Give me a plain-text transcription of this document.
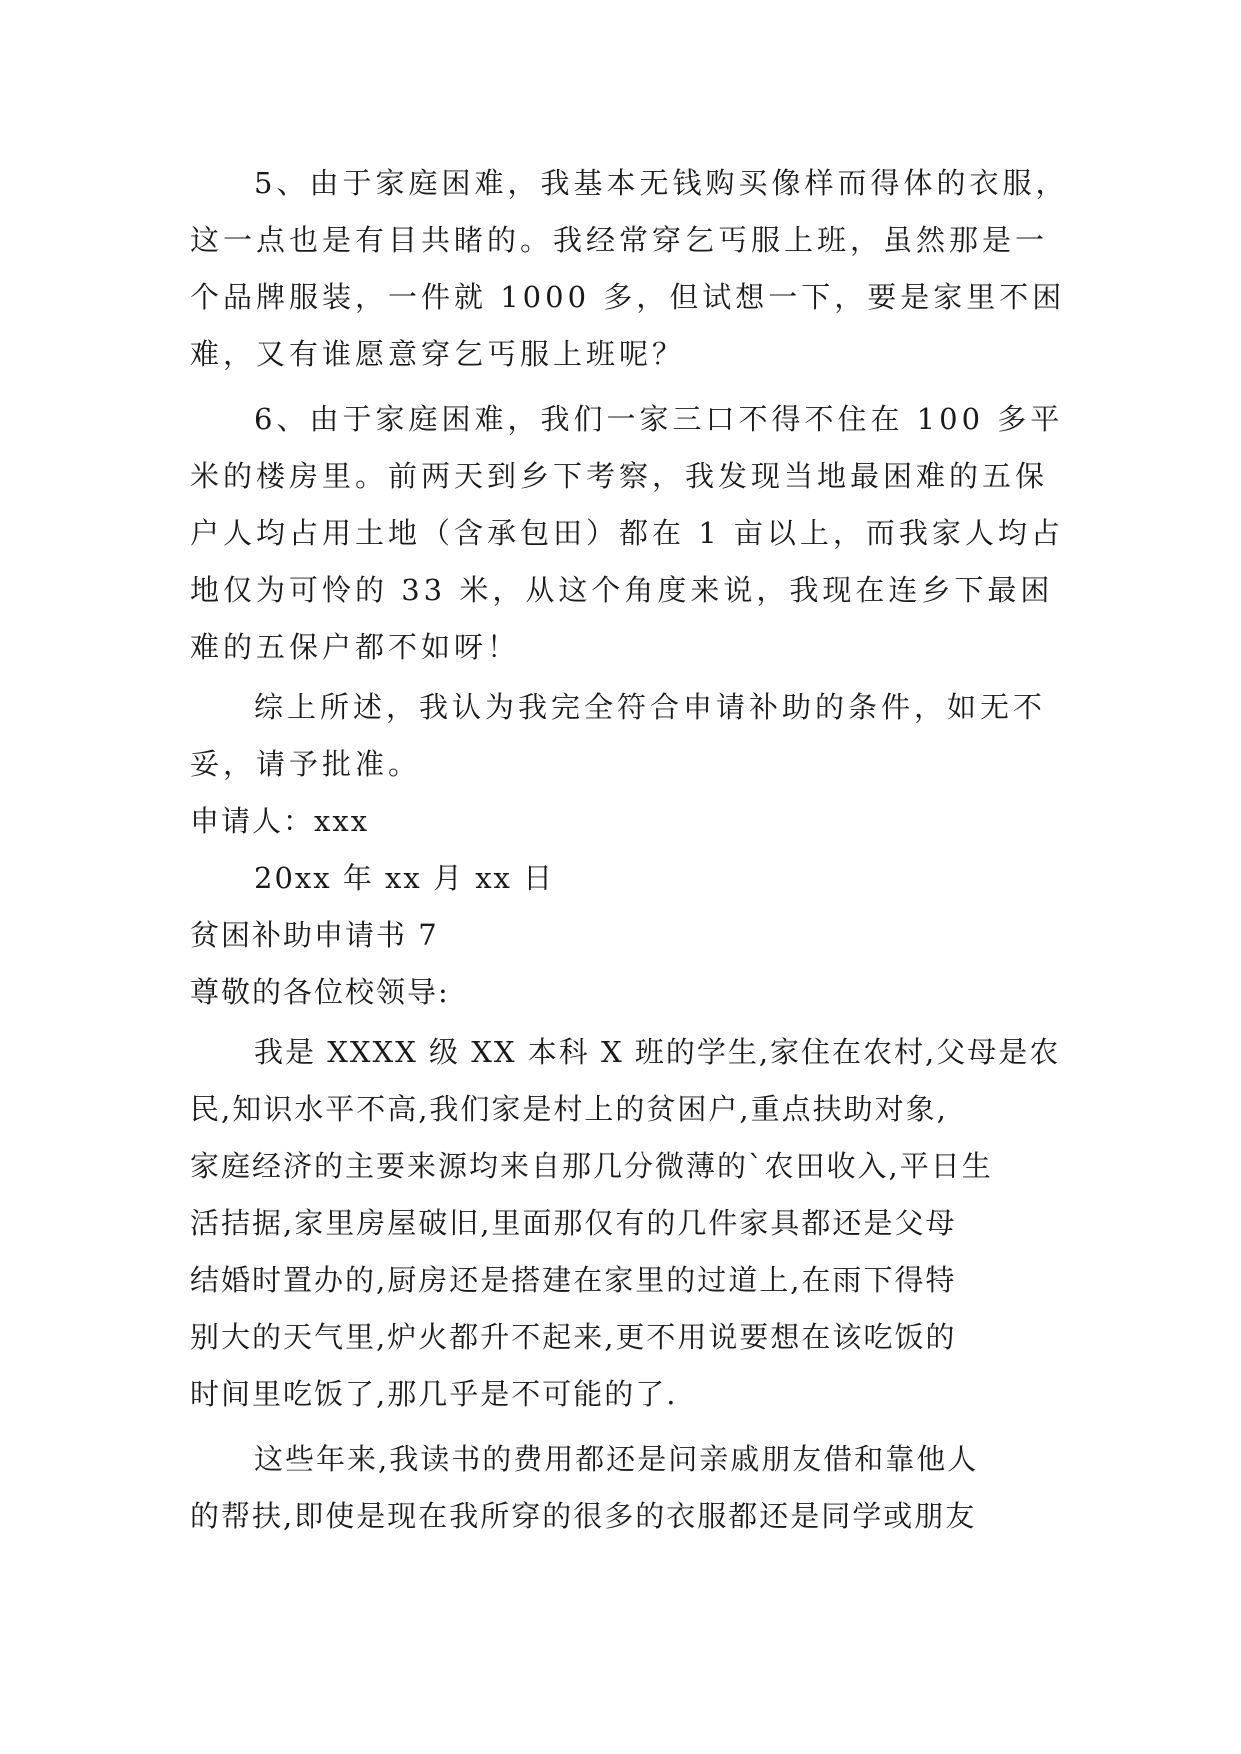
5、由于家庭困难，我基本无钱购买像样而得体的衣服，
这一点也是有目共睹的。我经常穿乞丐服上班，虽然那是一
个品牌服装，一件就 1000 多，但试想一下，要是家里不困
难，又有谁愿意穿乞丐服上班呢？
6、由于家庭困难，我们一家三口不得不住在 100 多平
米的楼房里。前两天到乡下考察，我发现当地最困难的五保
户人均占用土地（含承包田）都在 1 亩以上，而我家人均占
地仅为可怜的 33 米，从这个角度来说，我现在连乡下最困
难的五保户都不如呀！
综上所述，我认为我完全符合申请补助的条件，如无不
妥，请予批准。
申请人：xxx
20xx 年 xx 月 xx 日
贫困补助申请书 7
尊敬的各位校领导:
我是 XXXX 级 XX 本科 X 班的学生,家住在农村,父母是农
民,知识水平不高,我们家是村上的贫困户,重点扶助对象,
家庭经济的主要来源均来自那几分微薄的`农田收入,平日生
活拮据,家里房屋破旧,里面那仅有的几件家具都还是父母
结婚时置办的,厨房还是搭建在家里的过道上,在雨下得特
别大的天气里,炉火都升不起来,更不用说要想在该吃饭的
时间里吃饭了,那几乎是不可能的了.
这些年来,我读书的费用都还是问亲戚朋友借和靠他人
的帮扶,即使是现在我所穿的很多的衣服都还是同学或朋友
